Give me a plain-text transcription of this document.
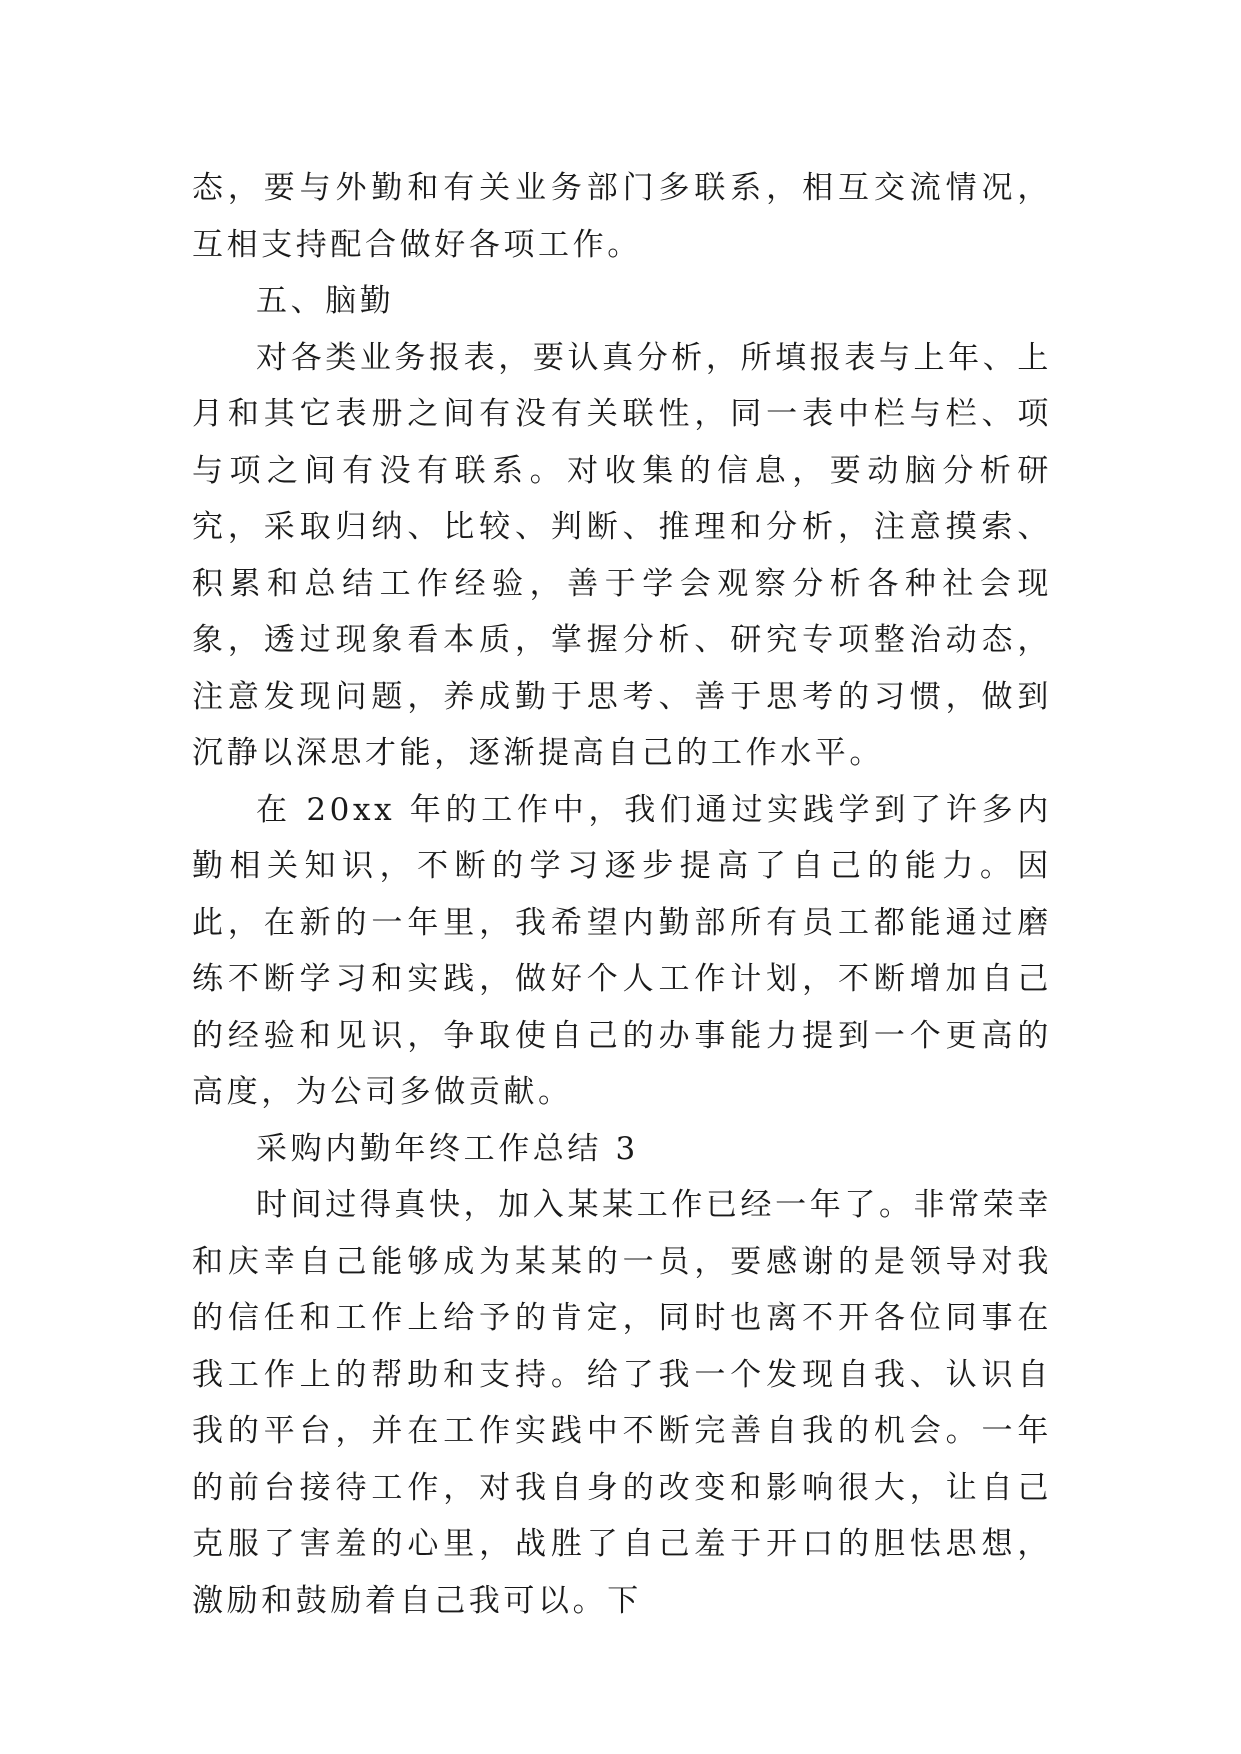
态，要与外勤和有关业务部门多联系，相互交流情况，互相支持配合做好各项工作。

五、脑勤

对各类业务报表，要认真分析，所填报表与上年、上月和其它表册之间有没有关联性，同一表中栏与栏、项与项之间有没有联系。对收集的信息，要动脑分析研究，采取归纳、比较、判断、推理和分析，注意摸索、积累和总结工作经验，善于学会观察分析各种社会现象，透过现象看本质，掌握分析、研究专项整治动态，注意发现问题，养成勤于思考、善于思考的习惯，做到沉静以深思才能，逐渐提高自己的工作水平。

在 20xx 年的工作中，我们通过实践学到了许多内勤相关知识，不断的学习逐步提高了自己的能力。因此，在新的一年里，我希望内勤部所有员工都能通过磨练不断学习和实践，做好个人工作计划，不断增加自己的经验和见识，争取使自己的办事能力提到一个更高的高度，为公司多做贡献。

采购内勤年终工作总结 3

时间过得真快，加入某某工作已经一年了。非常荣幸和庆幸自己能够成为某某的一员，要感谢的是领导对我的信任和工作上给予的肯定，同时也离不开各位同事在我工作上的帮助和支持。给了我一个发现自我、认识自我的平台，并在工作实践中不断完善自我的机会。一年的前台接待工作，对我自身的改变和影响很大，让自己克服了害羞的心里，战胜了自己羞于开口的胆怯思想，激励和鼓励着自己我可以。下
